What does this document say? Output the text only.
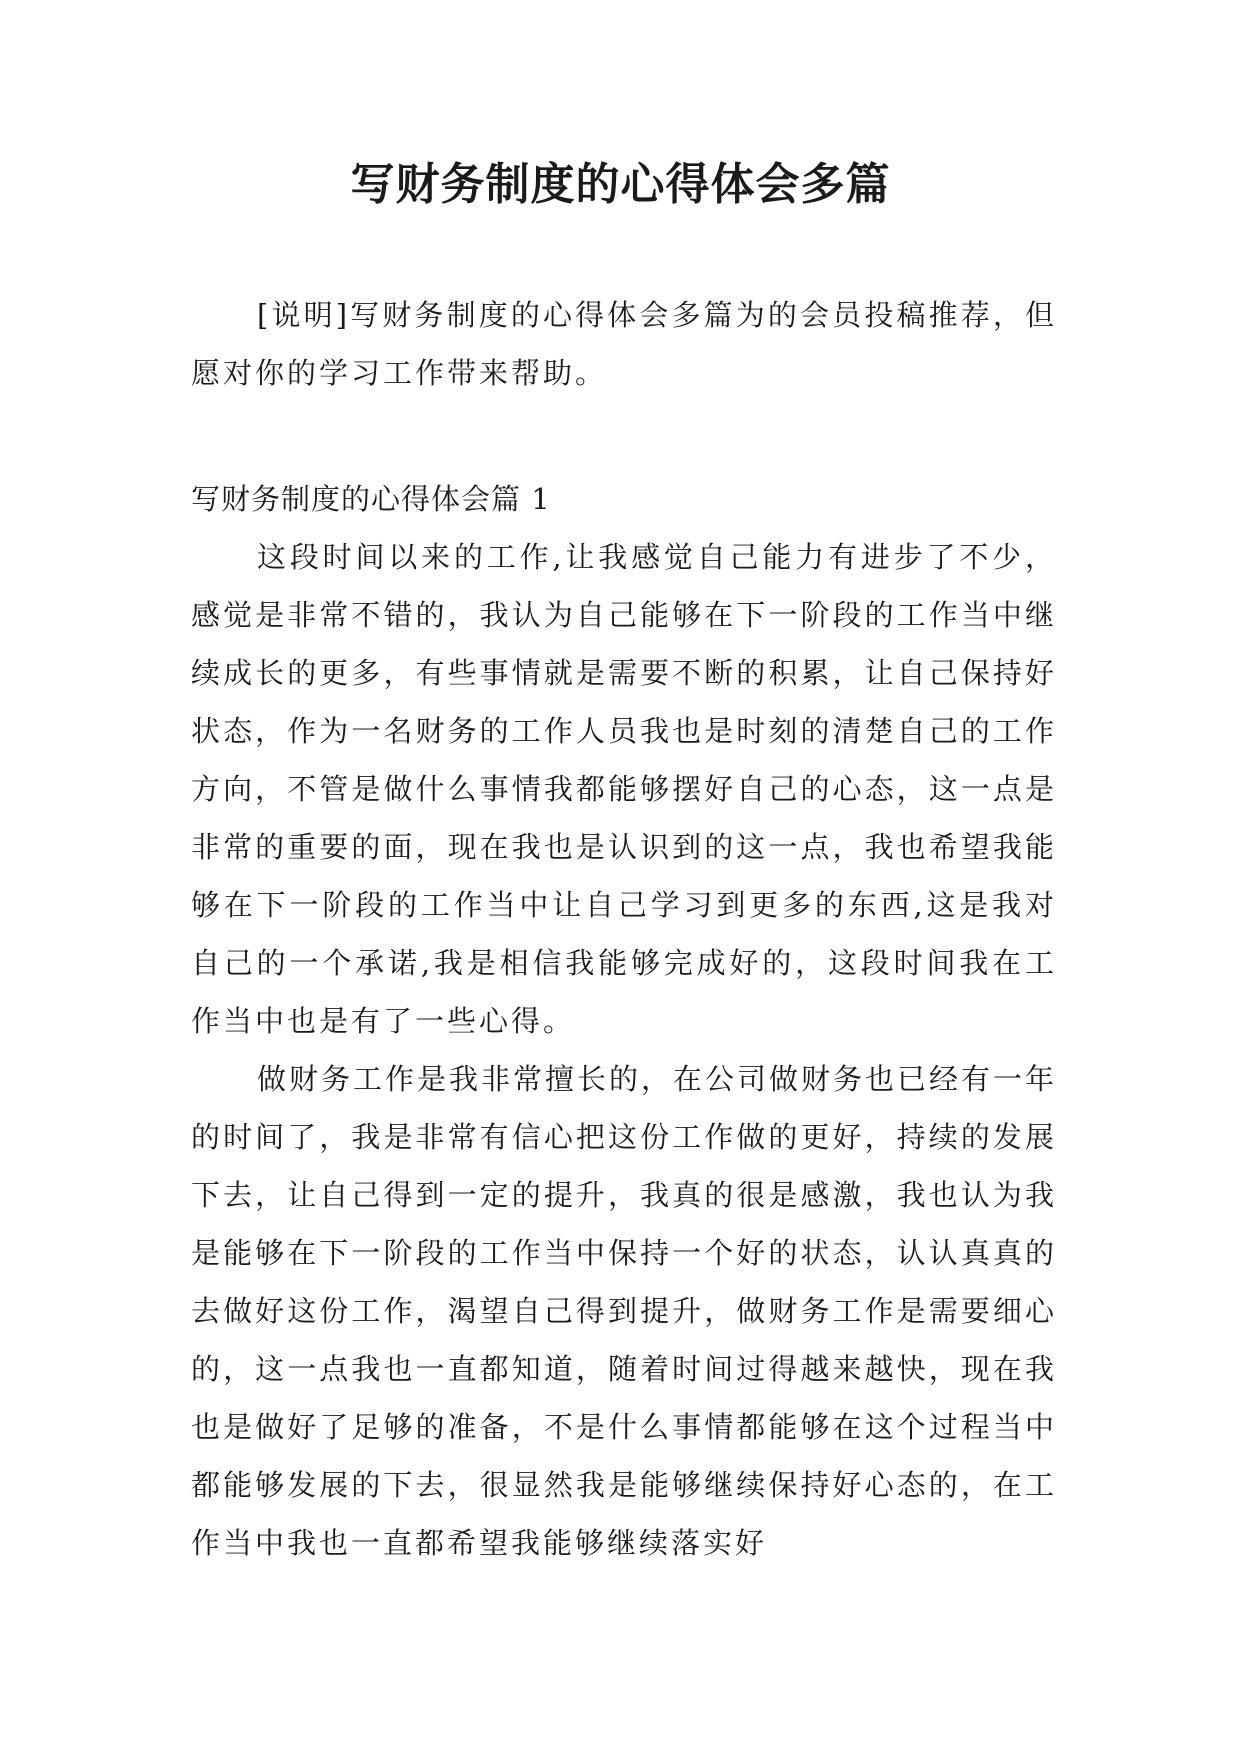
写财务制度的心得体会多篇

[说明]写财务制度的心得体会多篇为的会员投稿推荐，但愿对你的学习工作带来帮助。

写财务制度的心得体会篇 1

这段时间以来的工作,让我感觉自己能力有进步了不少，感觉是非常不错的，我认为自己能够在下一阶段的工作当中继续成长的更多，有些事情就是需要不断的积累，让自己保持好状态，作为一名财务的工作人员我也是时刻的清楚自己的工作方向，不管是做什么事情我都能够摆好自己的心态，这一点是非常的重要的面，现在我也是认识到的这一点，我也希望我能够在下一阶段的工作当中让自己学习到更多的东西,这是我对自己的一个承诺,我是相信我能够完成好的，这段时间我在工作当中也是有了一些心得。

做财务工作是我非常擅长的，在公司做财务也已经有一年的时间了，我是非常有信心把这份工作做的更好，持续的发展下去，让自己得到一定的提升，我真的很是感激，我也认为我是能够在下一阶段的工作当中保持一个好的状态，认认真真的去做好这份工作，渴望自己得到提升，做财务工作是需要细心的，这一点我也一直都知道，随着时间过得越来越快，现在我也是做好了足够的准备，不是什么事情都能够在这个过程当中都能够发展的下去，很显然我是能够继续保持好心态的，在工作当中我也一直都希望我能够继续落实好
